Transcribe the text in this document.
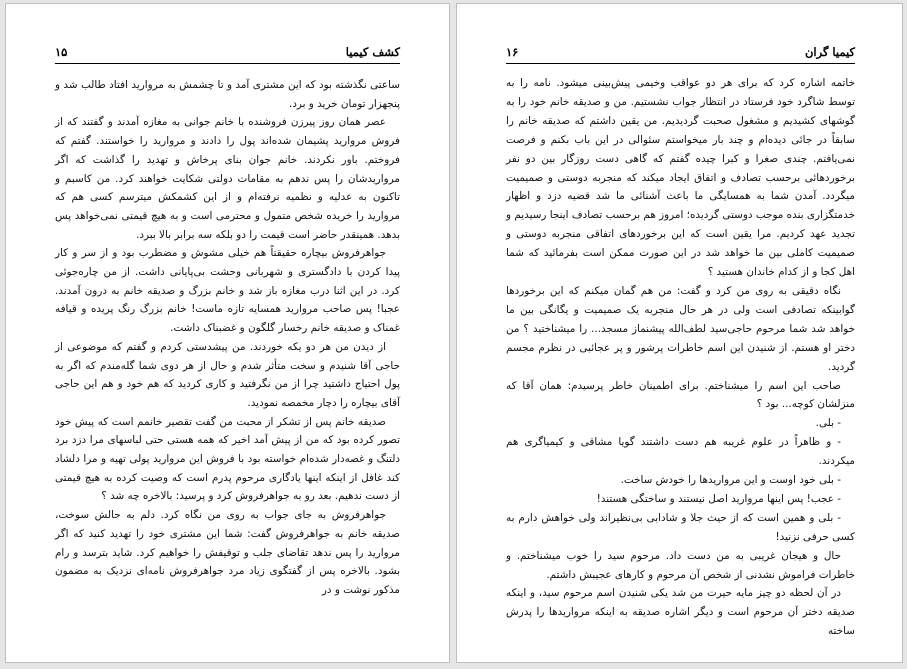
۱۵	کشف کیمیا

ساعتی نگذشته بود که این مشتری آمد و تا چشمش به مروارید افتاد طالب شد و پنجهزار تومان خرید و برد.

عصر همان روز پیرزن فروشنده با خانم جوانی به مغازه آمدند و گفتند که از فروش مروارید پشیمان شده‌اند پول را دادند و مروارید را خواستند. گفتم که فروختم. باور نکردند. خانم جوان بنای پرخاش و تهدید را گذاشت که اگر مرواریدشان را پس ندهم به مقامات دولتی شکایت خواهند کرد. من کاسبم و تاکنون به عدلیه و نظمیه نرفته‌ام و از این کشمکش میترسم کسی هم که مروارید را خریده شخص متمول و محترمی است و به هیچ قیمتی نمی‌خواهد پس بدهد. همینقدر حاضر است قیمت را دو بلکه سه برابر بالا ببرد.

جواهرفروش بیچاره حقیقتاً هم خیلی مشوش و مضطرب بود و از سر و کار پیدا کردن با دادگستری و شهربانی وحشت بی‌پایانی داشت. از من چاره‌جوئی کرد. در این اثنا درب مغازه باز شد و خانم بزرگ و صدیقه خانم به درون آمدند. عجبا! پس صاحب مروارید همسایه تازه ماست! خانم بزرگ رنگ پریده و قیافه غمناک و صدیقه خانم رخسار گلگون و غضبناک داشت.

از دیدن من هر دو یکه خوردند. من پیشدستی کردم و گفتم که موضوعی از حاجی آقا شنیدم و سخت متأثر شدم و حال از هر دوی شما گله‌مندم که اگر به پول احتیاج داشتید چرا از من نگرفتید و کاری کردید که هم خود و هم این حاجی آقای بیچاره را دچار مخمصه نمودید.

صدیقه خانم پس از تشکر از محبت من گفت تقصیر خانمم است که پیش خود تصور کرده بود که من از پیش آمد اخیر که همه هستی حتی لباسهای مرا دزد برد دلتنگ و غصه‌دار شده‌ام خواسته بود با فروش این مروارید پولی تهیه و مرا دلشاد کند غافل از اینکه اینها یادگاری مرحوم پدرم است که وصیت کرده به هیچ قیمتی از دست ندهیم. بعد رو به جواهرفروش کرد و پرسید: بالاخره چه شد ؟

جواهرفروش به جای جواب به روی من نگاه کرد. دلم به حالش سوخت، صدیقه خانم به جواهرفروش گفت: شما این مشتری خود را تهدید کنید که اگر مروارید را پس ندهد تقاضای جلب و توقیفش را خواهیم کرد. شاید بترسد و رام بشود. بالاخره پس از گفتگوی زیاد مرد جواهرفروش نامه‌ای نزدیک به مضمون مذکور نوشت و در

۱۶	کیمیا گران

خاتمه اشاره کرد که برای هر دو عواقب وخیمی پیش‌بینی میشود. نامه را به توسط شاگرد خود فرستاد در انتظار جواب نشستیم. من و صدیقه خانم خود را به گوشهای کشیدیم و مشغول صحبت گردیدیم. من یقین داشتم که صدیقه خانم را سابقاً در جائی دیده‌ام و چند بار میخواستم سئوالی در این باب بکنم و فرصت نمی‌یافتم. چندی صغرا و کبرا چیده گفتم که گاهی دست روزگار بین دو نفر برخوردهائی برحسب تصادف و اتفاق ایجاد میکند که منجربه دوستی و صمیمیت میگردد. آمدن شما به همسایگی ما باعث آشنائی ما شد قضیه دزد و اظهار خدمتگزاری بنده موجب دوستی گردیده؛ امروز هم برحسب تصادف اینجا رسیدیم و تجدید عهد کردیم. مرا یقین است که این برخوردهای اتفاقی منجربه دوستی و صمیمیت کاملی بین ما خواهد شد در این صورت ممکن است بفرمائید که شما اهل کجا و از کدام خاندان هستید ؟

نگاه دقیقی به روی من کرد و گفت: من هم گمان میکنم که این برخوردها گوابینکه تصادفی است ولی در هر حال منجربه یک صمیمیت و یگانگی بین ما خواهد شد شما مرحوم حاجی‌سید لطف‌الله پیشنماز مسجد... را میشناختید ؟ من دختر او هستم. از شنیدن این اسم خاطرات پرشور و پر عجائبی در نظرم مجسم گردید.

صاحب این اسم را میشناختم. برای اطمینان خاطر پرسیدم: همان آقا که منزلشان کوچه... بود ؟

- بلی.

- و ظاهراً در علوم غریبه هم دست داشتند گویا مشاقی و کیمیاگری هم میکردند.

- بلی خود اوست و این مرواریدها را خودش ساخت.

- عجب! پس اینها مروارید اصل نیستند و ساختگی هستند!

- بلی و همین است که از حیث جلا و شادابی بی‌نظیراند ولی خواهش دارم به کسی حرفی نزنید!

حال و هیجان غریبی به من دست داد. مرحوم سید را خوب میشناختم. و خاطرات فراموش نشدنی از شخص آن مرحوم و کارهای عجیبش داشتم.

در آن لحظه دو چیز مایه حیرت من شد یکی شنیدن اسم مرحوم سید، و اینکه صدیقه دختر آن مرحوم است و دیگر اشاره صدیقه به اینکه مرواریدها را پدرش ساخته
